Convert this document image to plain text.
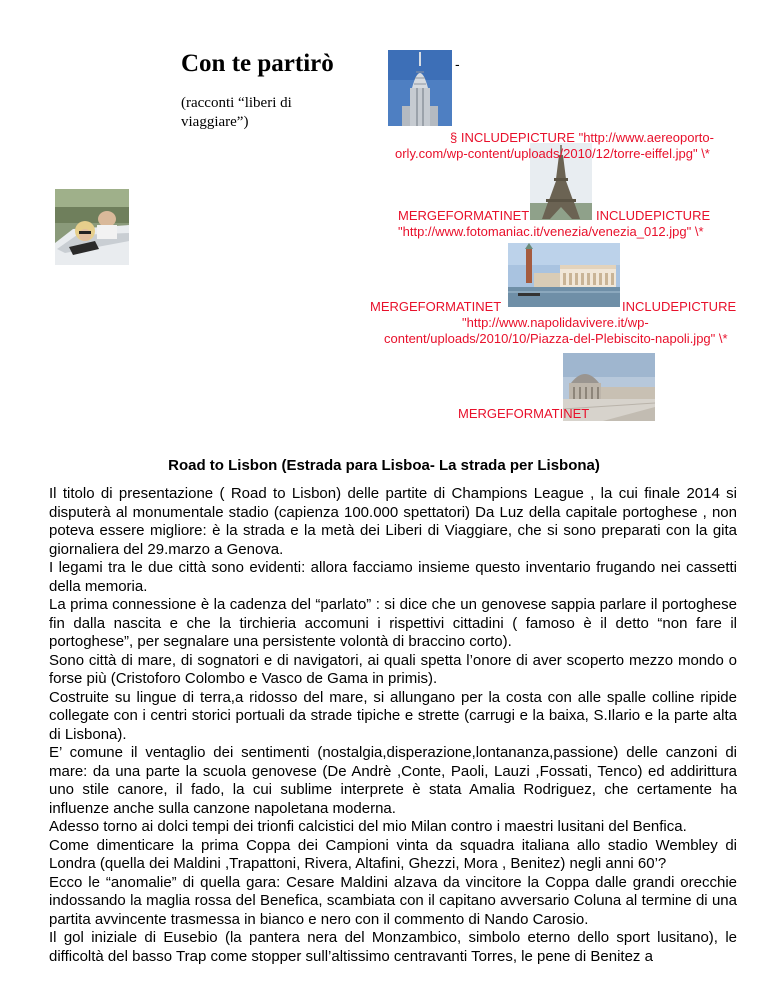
Con te partirò
(racconti “liberi di viaggiare”)
-
§ INCLUDEPICTURE "http://www.aereoporto-
orly.com/wp-content/uploads/2010/12/torre-eiffel.jpg" \*
MERGEFORMATINET	INCLUDEPICTURE
"http://www.fotomaniac.it/venezia/venezia_012.jpg" \*
MERGEFORMATINET	INCLUDEPICTURE
"http://www.napolidavivere.it/wp-
content/uploads/2010/10/Piazza-del-Plebiscito-napoli.jpg" \*
MERGEFORMATINET
Road to Lisbon (Estrada para Lisboa- La strada per Lisbona)

Il titolo di presentazione ( Road to Lisbon) delle partite di Champions League , la cui finale 2014 si disputerà al monumentale stadio (capienza 100.000 spettatori) Da Luz della capitale portoghese , non poteva essere migliore: è la strada e la metà dei Liberi di Viaggiare, che si sono preparati con la gita giornaliera del 29.marzo a Genova.

I legami tra le due città sono evidenti: allora facciamo insieme questo inventario frugando nei cassetti della memoria.

La prima connessione è la cadenza del “parlato” : si dice che un genovese sappia parlare il portoghese fin dalla nascita e che la tirchieria accomuni i rispettivi cittadini ( famoso è il detto “non fare il portoghese”, per segnalare una persistente volontà di braccino corto).

Sono città di mare, di sognatori e di navigatori, ai quali spetta l’onore di aver scoperto mezzo mondo o forse più (Cristoforo Colombo e Vasco de Gama in primis).

Costruite su lingue di terra,a ridosso del mare, si allungano per la costa con alle spalle colline ripide collegate con i centri storici portuali da strade tipiche e strette (carrugi e la baixa, S.Ilario e la parte alta di Lisbona).

E’ comune il ventaglio dei sentimenti (nostalgia,disperazione,lontananza,passione) delle canzoni di mare: da una parte la scuola genovese (De Andrè ,Conte, Paoli, Lauzi ,Fossati, Tenco) ed addirittura uno stile canore, il fado, la cui sublime interprete è stata Amalia Rodriguez, che certamente ha influenze anche sulla canzone napoletana moderna.

Adesso torno ai dolci tempi dei trionfi calcistici del mio Milan contro i maestri lusitani del Benfica.

Come dimenticare la prima Coppa dei Campioni vinta da squadra italiana allo stadio Wembley di Londra (quella dei Maldini ,Trapattoni, Rivera, Altafini, Ghezzi, Mora , Benitez) negli anni 60’?

Ecco le “anomalie” di quella gara: Cesare Maldini alzava da vincitore la Coppa dalle grandi orecchie indossando la maglia rossa del Benefica, scambiata con il capitano avversario Coluna al termine di una partita avvincente trasmessa in bianco e nero con il commento di Nando Carosio.

Il gol iniziale di Eusebio (la pantera nera del Monzambico, simbolo eterno dello sport lusitano), le difficoltà del basso Trap come stopper sull’altissimo centravanti Torres, le pene di Benitez a
